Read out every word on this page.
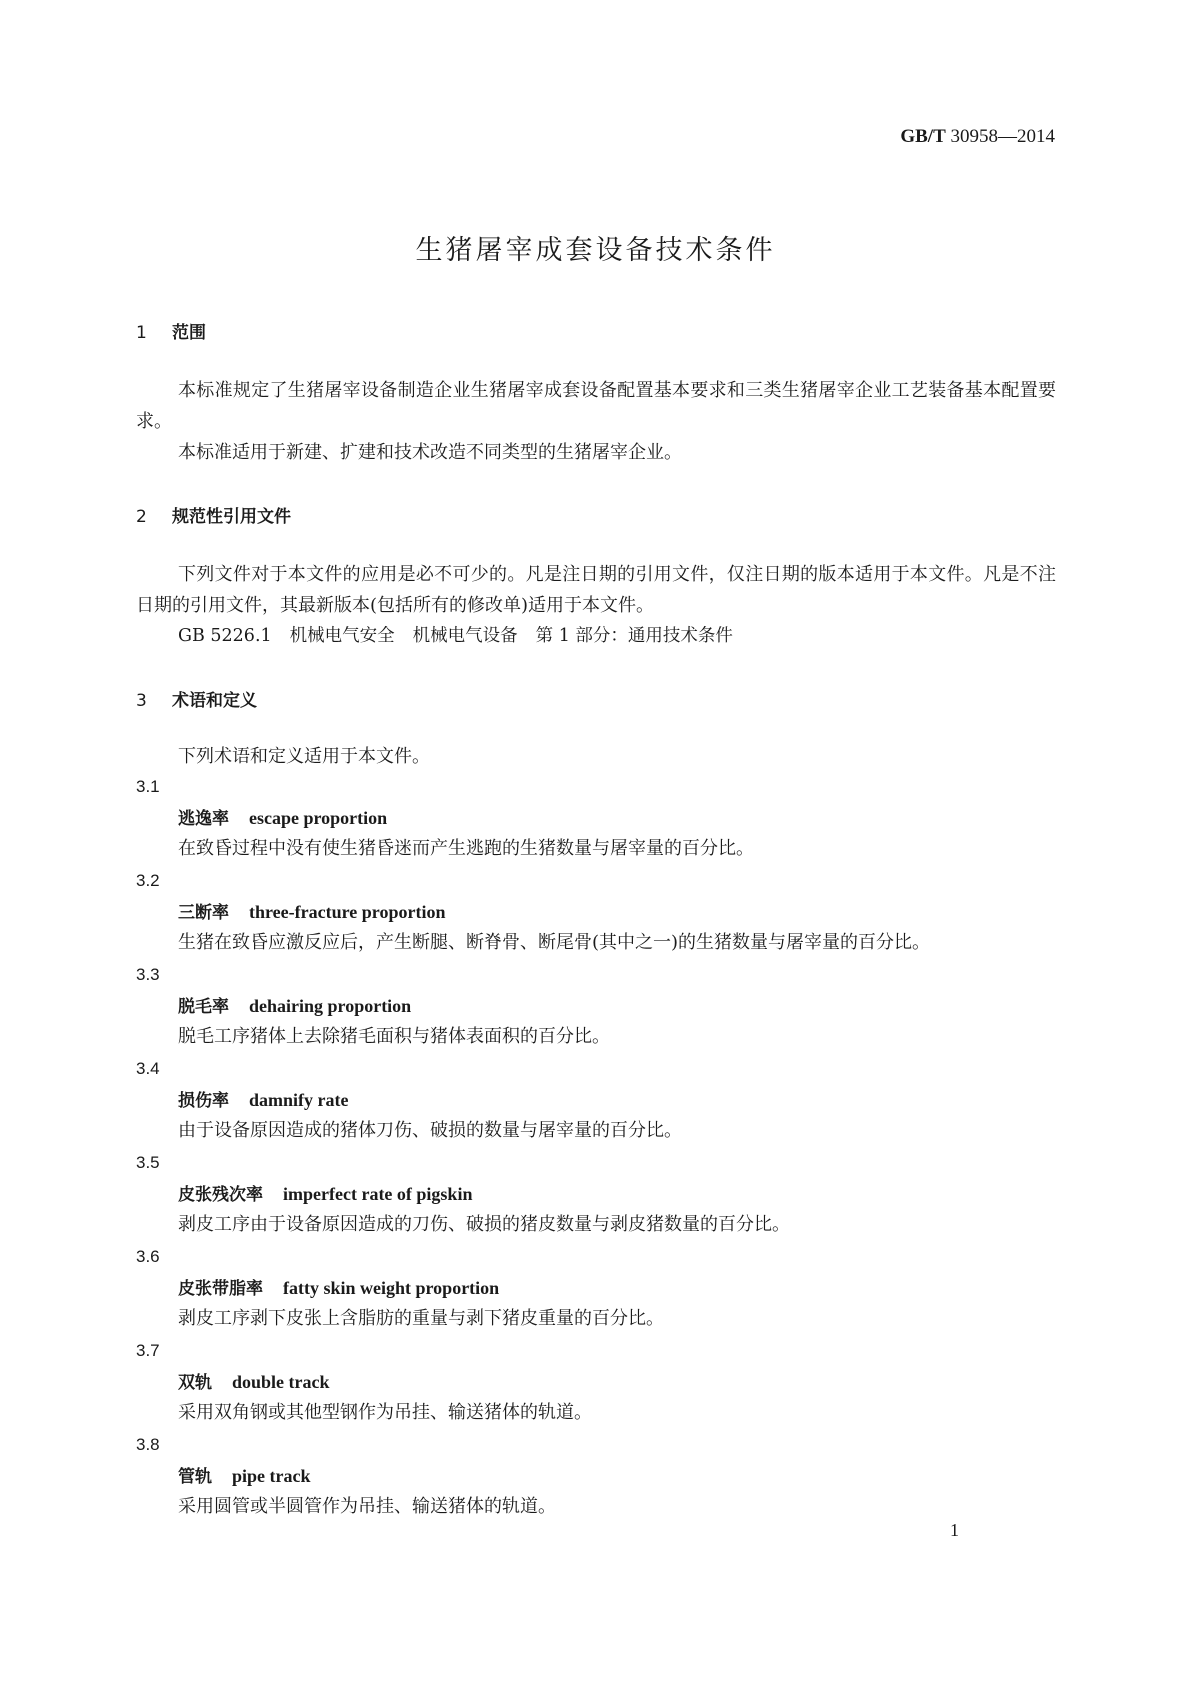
GB/T 30958—2014
生猪屠宰成套设备技术条件
1 范围

本标准规定了生猪屠宰设备制造企业生猪屠宰成套设备配置基本要求和三类生猪屠宰企业工艺装备基本配置要求。

本标准适用于新建、扩建和技术改造不同类型的生猪屠宰企业。

2 规范性引用文件

下列文件对于本文件的应用是必不可少的。凡是注日期的引用文件，仅注日期的版本适用于本文件。凡是不注日期的引用文件，其最新版本(包括所有的修改单)适用于本文件。

GB 5226.1 机械电气安全 机械电气设备 第 1 部分：通用技术条件

3 术语和定义

下列术语和定义适用于本文件。

3.1

逃逸率 escape proportion

在致昏过程中没有使生猪昏迷而产生逃跑的生猪数量与屠宰量的百分比。

3.2

三断率 three-fracture proportion

生猪在致昏应激反应后，产生断腿、断脊骨、断尾骨(其中之一)的生猪数量与屠宰量的百分比。

3.3

脱毛率 dehairing proportion

脱毛工序猪体上去除猪毛面积与猪体表面积的百分比。

3.4

损伤率 damnify rate

由于设备原因造成的猪体刀伤、破损的数量与屠宰量的百分比。

3.5

皮张残次率 imperfect rate of pigskin

剥皮工序由于设备原因造成的刀伤、破损的猪皮数量与剥皮猪数量的百分比。

3.6

皮张带脂率 fatty skin weight proportion

剥皮工序剥下皮张上含脂肪的重量与剥下猪皮重量的百分比。

3.7

双轨 double track

采用双角钢或其他型钢作为吊挂、输送猪体的轨道。

3.8

管轨 pipe track

采用圆管或半圆管作为吊挂、输送猪体的轨道。

1
